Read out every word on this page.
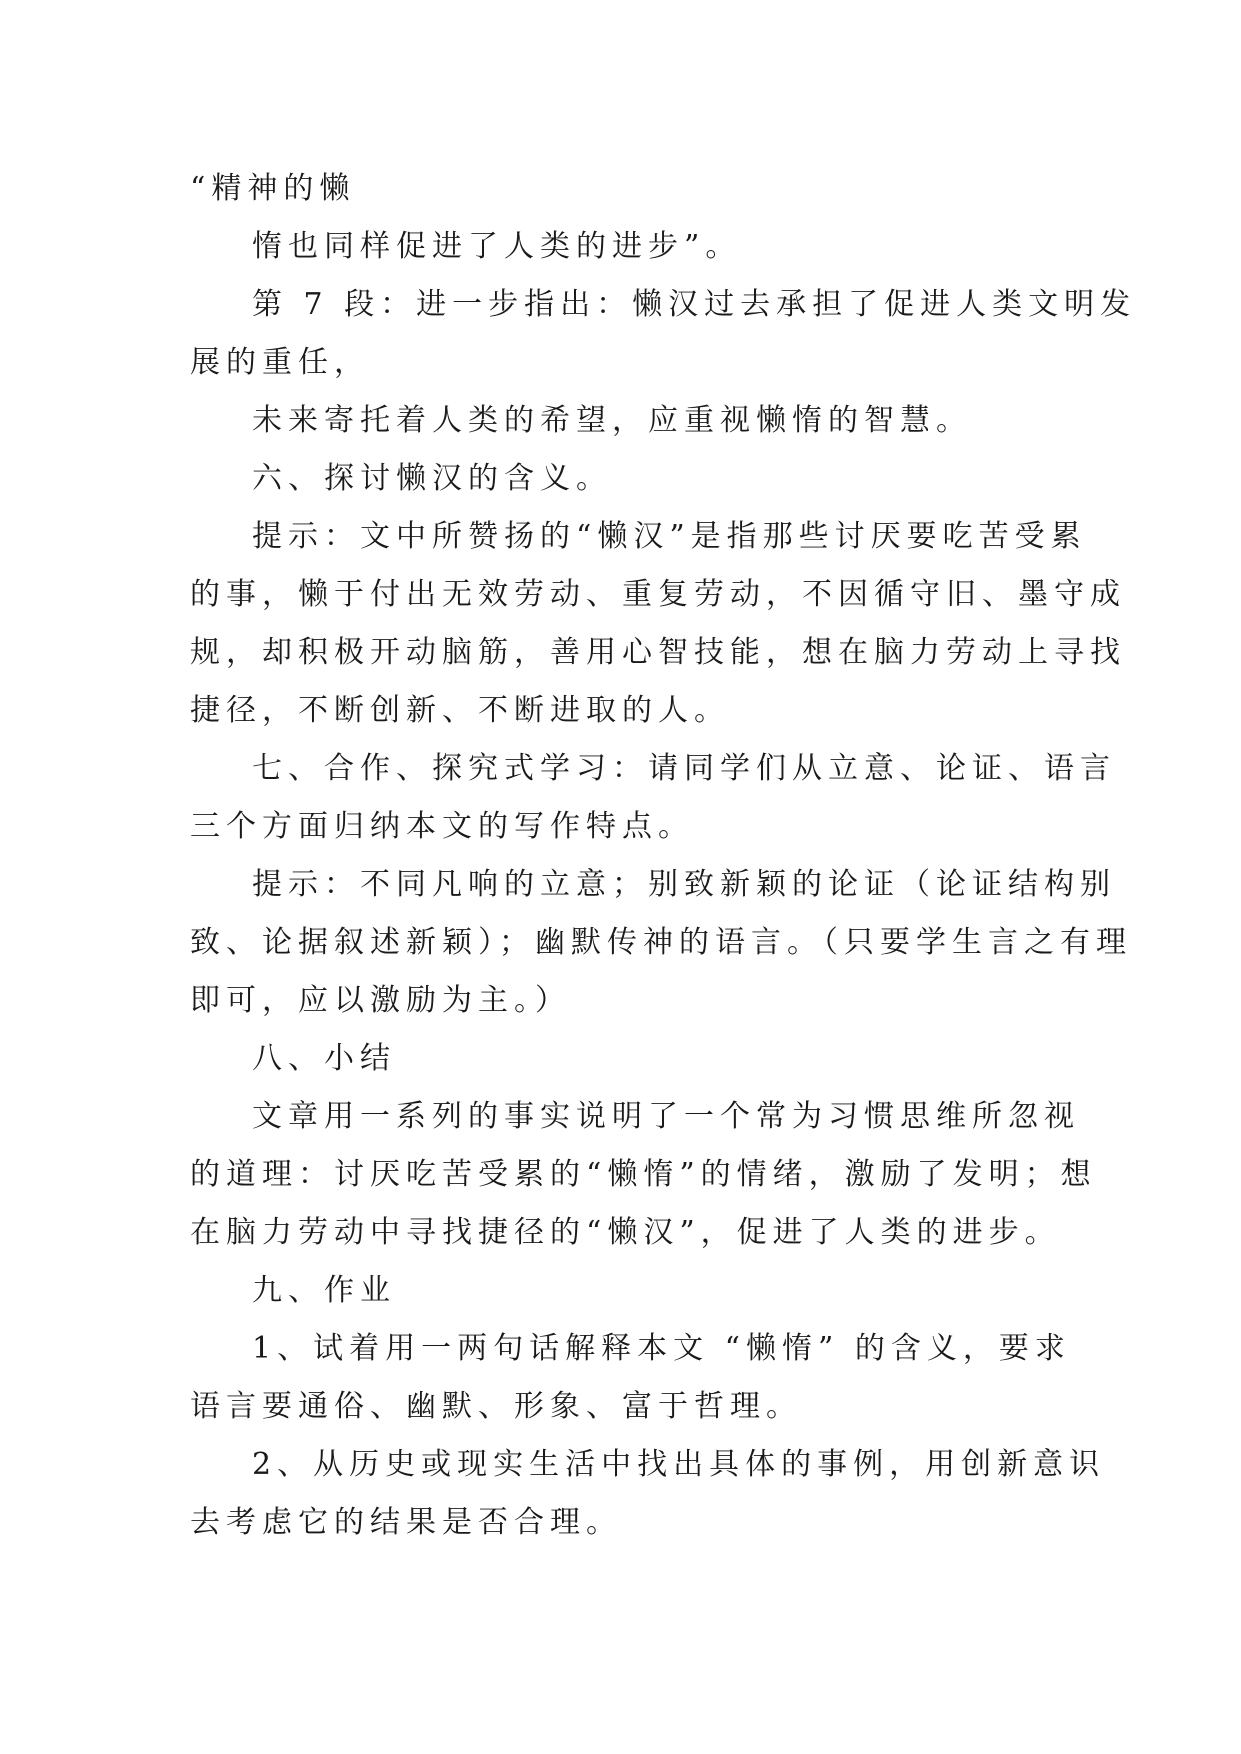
“精神的懒
惰也同样促进了人类的进步”。
第 7 段：进一步指出：懒汉过去承担了促进人类文明发
展的重任，
未来寄托着人类的希望，应重视懒惰的智慧。
六、探讨懒汉的含义。
提示：文中所赞扬的“懒汉”是指那些讨厌要吃苦受累
的事，懒于付出无效劳动、重复劳动，不因循守旧、墨守成
规，却积极开动脑筋，善用心智技能，想在脑力劳动上寻找
捷径，不断创新、不断进取的人。
七、合作、探究式学习：请同学们从立意、论证、语言
三个方面归纳本文的写作特点。
提示：不同凡响的立意；别致新颖的论证（论证结构别
致、论据叙述新颖）；幽默传神的语言。（只要学生言之有理
即可，应以激励为主。）
八、小结
文章用一系列的事实说明了一个常为习惯思维所忽视
的道理：讨厌吃苦受累的“懒惰”的情绪，激励了发明；想
在脑力劳动中寻找捷径的“懒汉”，促进了人类的进步。
九、作业
1、试着用一两句话解释本文 “懒惰” 的含义，要求
语言要通俗、幽默、形象、富于哲理。
2、从历史或现实生活中找出具体的事例，用创新意识
去考虑它的结果是否合理。
